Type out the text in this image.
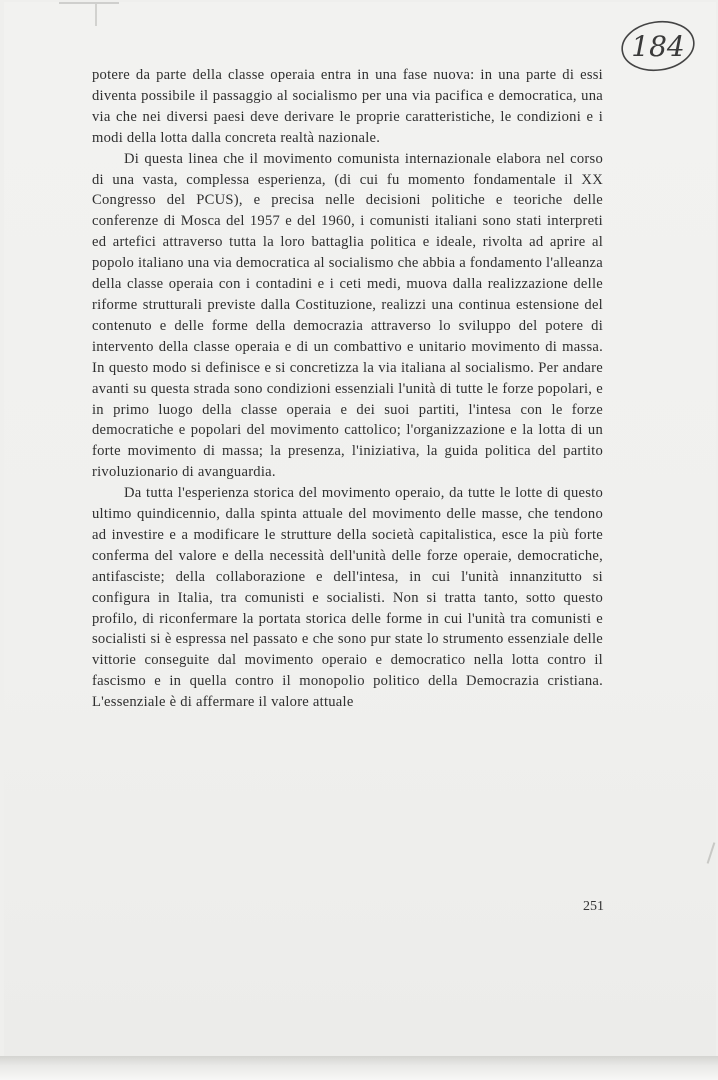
184

potere da parte della classe operaia entra in una fase nuova: in una parte di essi diventa possibile il passaggio al socialismo per una via pacifica e democratica, una via che nei diversi paesi deve derivare le proprie caratteristiche, le condizioni e i modi della lotta dalla concreta realtà nazionale.

Di questa linea che il movimento comunista internazionale elabora nel corso di una vasta, complessa esperienza, (di cui fu momento fondamentale il XX Congresso del PCUS), e precisa nelle decisioni politiche e teoriche delle conferenze di Mosca del 1957 e del 1960, i comunisti italiani sono stati interpreti ed artefici attraverso tutta la loro battaglia politica e ideale, rivolta ad aprire al popolo italiano una via democratica al socialismo che abbia a fondamento l'alleanza della classe operaia con i contadini e i ceti medi, muova dalla realizzazione delle riforme strutturali previste dalla Costituzione, realizzi una continua estensione del contenuto e delle forme della democrazia attraverso lo sviluppo del potere di intervento della classe operaia e di un combattivo e unitario movimento di massa. In questo modo si definisce e si concretizza la via italiana al socialismo. Per andare avanti su questa strada sono condizioni essenziali l'unità di tutte le forze popolari, e in primo luogo della classe operaia e dei suoi partiti, l'intesa con le forze democratiche e popolari del movimento cattolico; l'organizzazione e la lotta di un forte movimento di massa; la presenza, l'iniziativa, la guida politica del partito rivoluzionario di avanguardia.

Da tutta l'esperienza storica del movimento operaio, da tutte le lotte di questo ultimo quindicennio, dalla spinta attuale del movimento delle masse, che tendono ad investire e a modificare le strutture della società capitalistica, esce la più forte conferma del valore e della necessità dell'unità delle forze operaie, democratiche, antifasciste; della collaborazione e dell'intesa, in cui l'unità innanzitutto si configura in Italia, tra comunisti e socialisti. Non si tratta tanto, sotto questo profilo, di riconfermare la portata storica delle forme in cui l'unità tra comunisti e socialisti si è espressa nel passato e che sono pur state lo strumento essenziale delle vittorie conseguite dal movimento operaio e democratico nella lotta contro il fascismo e in quella contro il monopolio politico della Democrazia cristiana. L'essenziale è di affermare il valore attuale

251
